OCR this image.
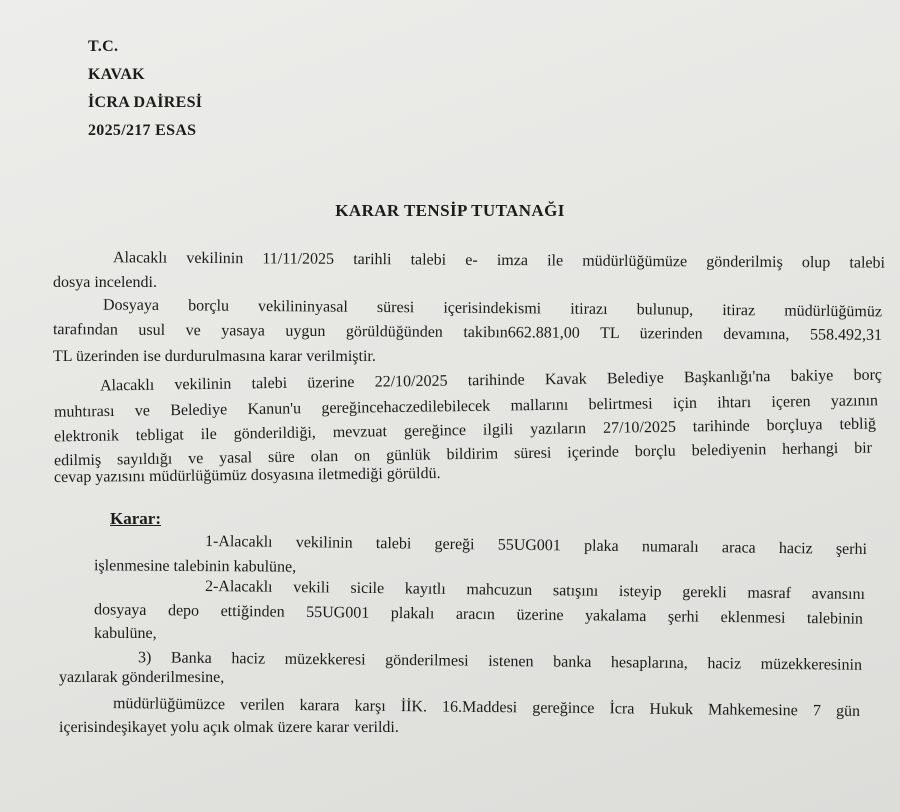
T.C.
KAVAK
İCRA DAİRESİ
2025/217 ESAS
KARAR TENSİP TUTANAĞI
Alacaklı vekilinin 11/11/2025 tarihli talebi e- imza ile müdürlüğümüze gönderilmiş olup talebi
dosya incelendi.
Dosyaya borçlu vekilininyasal süresi içerisindekismi itirazı bulunup, itiraz müdürlüğümüz
tarafından usul ve yasaya uygun görüldüğünden takibın662.881,00 TL üzerinden devamına, 558.492,31
TL üzerinden ise durdurulmasına karar verilmiştir.
Alacaklı vekilinin talebi üzerine 22/10/2025 tarihinde Kavak Belediye Başkanlığı'na bakiye borç
muhtırası ve Belediye Kanun'u gereğincehaczedilebilecek mallarını belirtmesi için ihtarı içeren yazının
elektronik tebligat ile gönderildiği, mevzuat gereğince ilgili yazıların 27/10/2025 tarihinde borçluya tebliğ
edilmiş sayıldığı ve yasal süre olan on günlük bildirim süresi içerinde borçlu belediyenin herhangi bir
cevap yazısını müdürlüğümüz dosyasına iletmediği görüldü.
Karar:
1-Alacaklı vekilinin talebi gereği 55UG001 plaka numaralı araca haciz şerhi
işlenmesine talebinin kabulüne,
2-Alacaklı vekili sicile kayıtlı mahcuzun satışını isteyip gerekli masraf avansını
dosyaya depo ettiğinden 55UG001 plakalı aracın üzerine yakalama şerhi eklenmesi talebinin
kabulüne,
3) Banka haciz müzekkeresi gönderilmesi istenen banka hesaplarına, haciz müzekkeresinin
yazılarak gönderilmesine,
müdürlüğümüzce verilen karara karşı İİK. 16.Maddesi gereğince İcra Hukuk Mahkemesine 7 gün
içerisindeşikayet yolu açık olmak üzere karar verildi.
